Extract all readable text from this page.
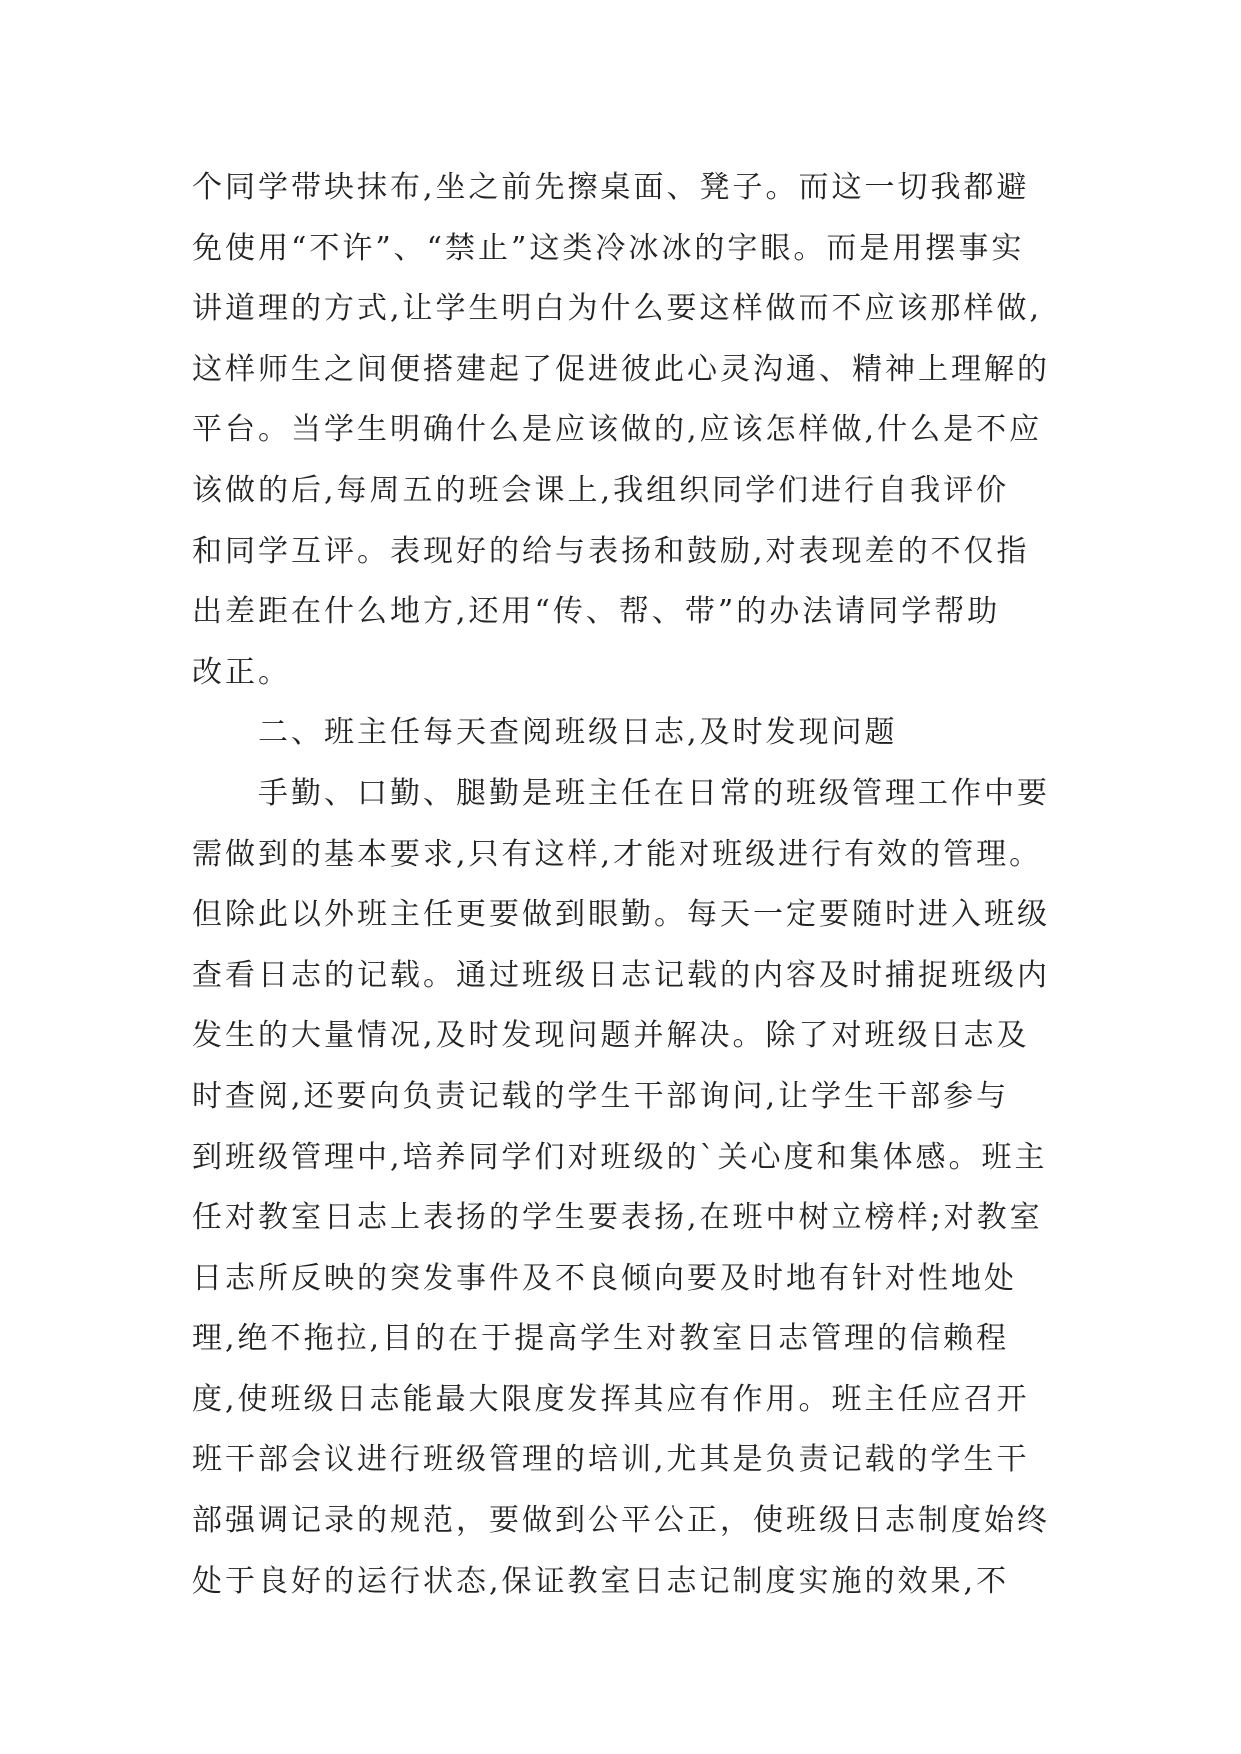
个同学带块抹布,坐之前先擦桌面、凳子。而这一切我都避
免使用“不许”、“禁止”这类冷冰冰的字眼。而是用摆事实
讲道理的方式,让学生明白为什么要这样做而不应该那样做,
这样师生之间便搭建起了促进彼此心灵沟通、精神上理解的
平台。当学生明确什么是应该做的,应该怎样做,什么是不应
该做的后,每周五的班会课上,我组织同学们进行自我评价
和同学互评。表现好的给与表扬和鼓励,对表现差的不仅指
出差距在什么地方,还用“传、帮、带”的办法请同学帮助
改正。
二、班主任每天查阅班级日志,及时发现问题
手勤、口勤、腿勤是班主任在日常的班级管理工作中要
需做到的基本要求,只有这样,才能对班级进行有效的管理。
但除此以外班主任更要做到眼勤。每天一定要随时进入班级
查看日志的记载。通过班级日志记载的内容及时捕捉班级内
发生的大量情况,及时发现问题并解决。除了对班级日志及
时查阅,还要向负责记载的学生干部询问,让学生干部参与
到班级管理中,培养同学们对班级的`关心度和集体感。班主
任对教室日志上表扬的学生要表扬,在班中树立榜样;对教室
日志所反映的突发事件及不良倾向要及时地有针对性地处
理,绝不拖拉,目的在于提高学生对教室日志管理的信赖程
度,使班级日志能最大限度发挥其应有作用。班主任应召开
班干部会议进行班级管理的培训,尤其是负责记载的学生干
部强调记录的规范，要做到公平公正，使班级日志制度始终
处于良好的运行状态,保证教室日志记制度实施的效果,不
